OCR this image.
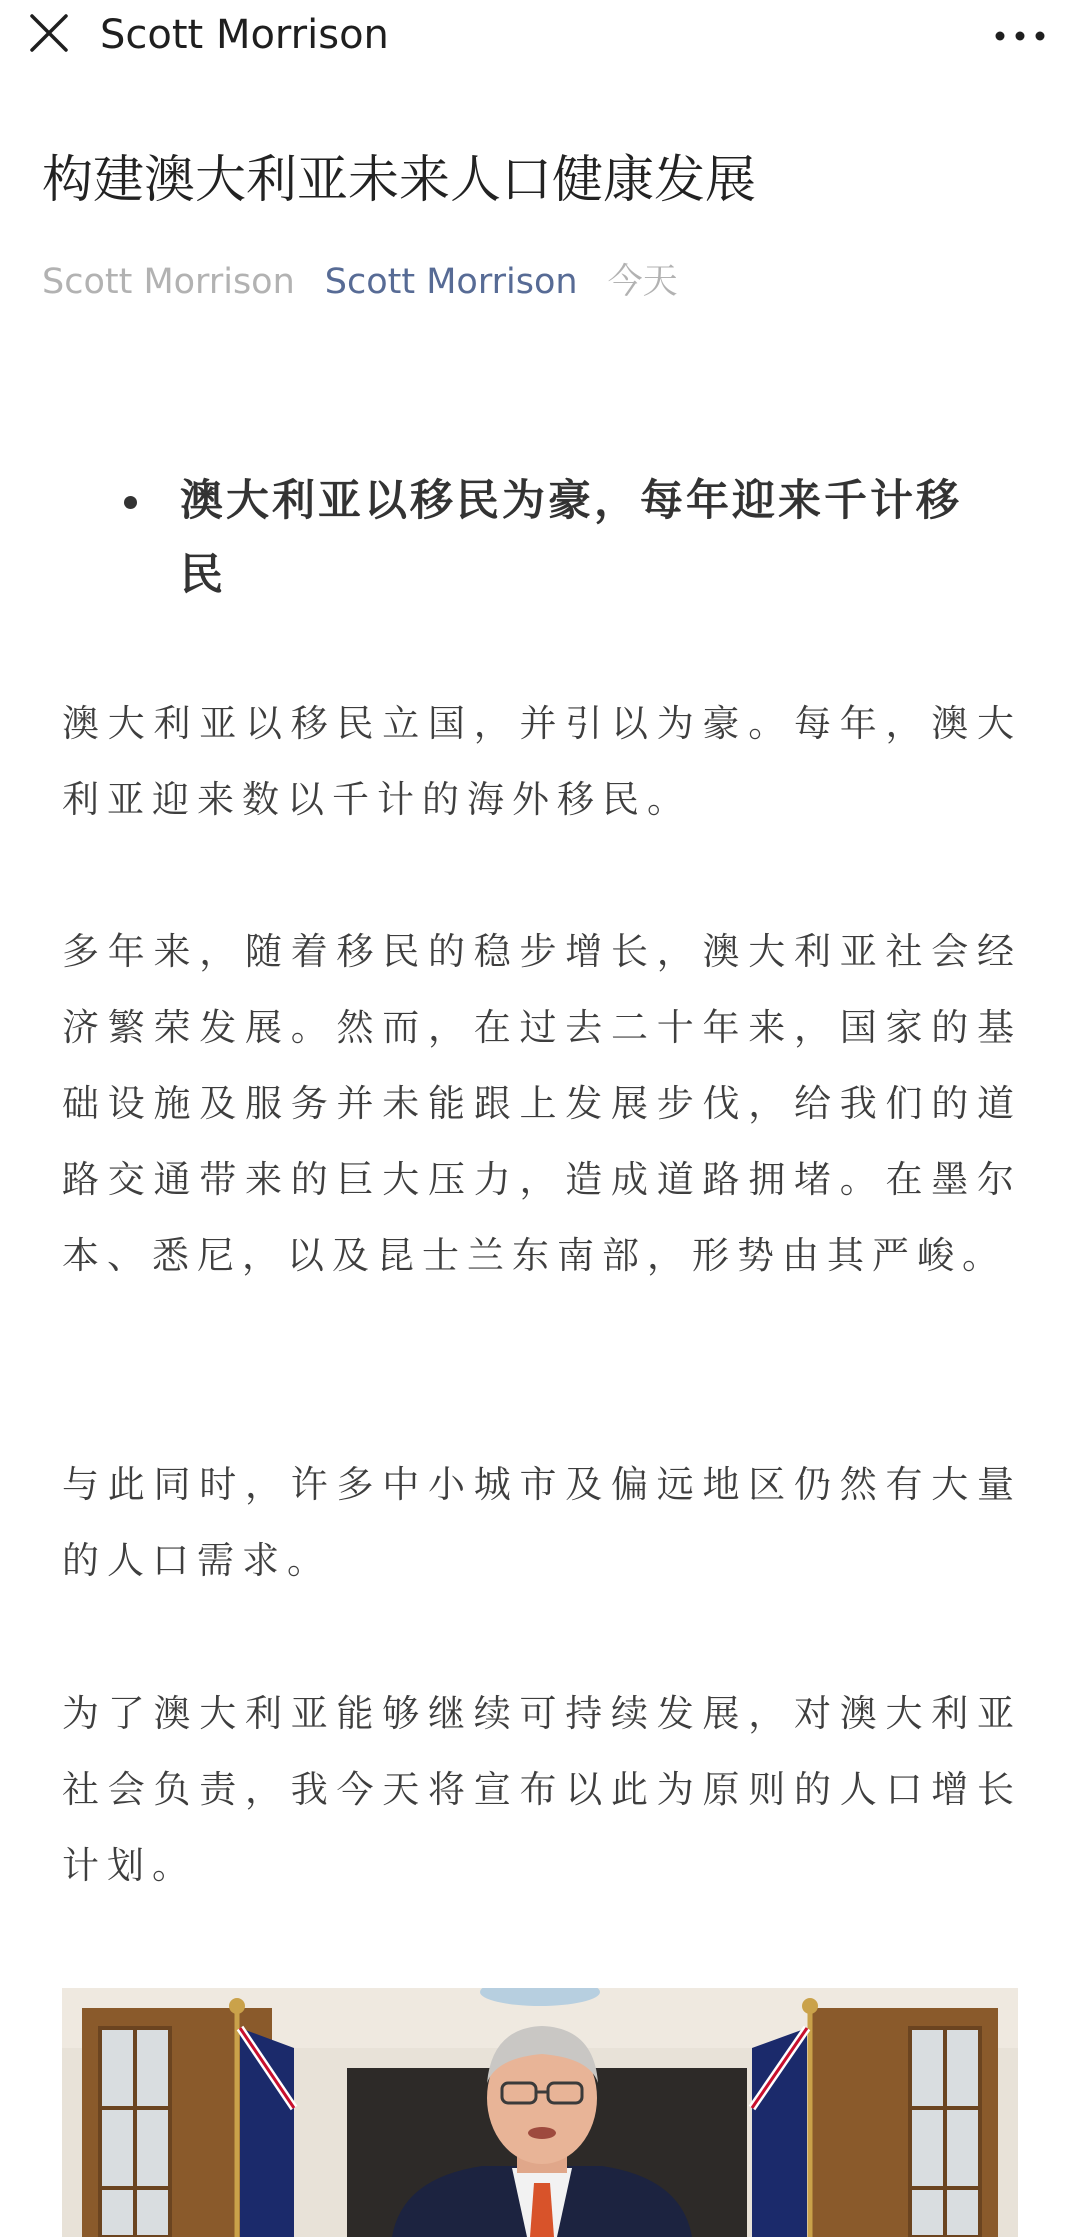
Scott Morrison
构建澳大利亚未来人口健康发展
Scott Morrison Scott Morrison 今天
澳大利亚以移民为豪，每年迎来千计移民

澳大利亚以移民立国，并引以为豪。每年，澳大利亚迎来数以千计的海外移民。

多年来，随着移民的稳步增长，澳大利亚社会经济繁荣发展。然而，在过去二十年来，国家的基础设施及服务并未能跟上发展步伐，给我们的道路交通带来的巨大压力，造成道路拥堵。在墨尔本、悉尼，以及昆士兰东南部，形势由其严峻。

与此同时，许多中小城市及偏远地区仍然有大量的人口需求。

为了澳大利亚能够继续可持续发展，对澳大利亚社会负责，我今天将宣布以此为原则的人口增长计划。
